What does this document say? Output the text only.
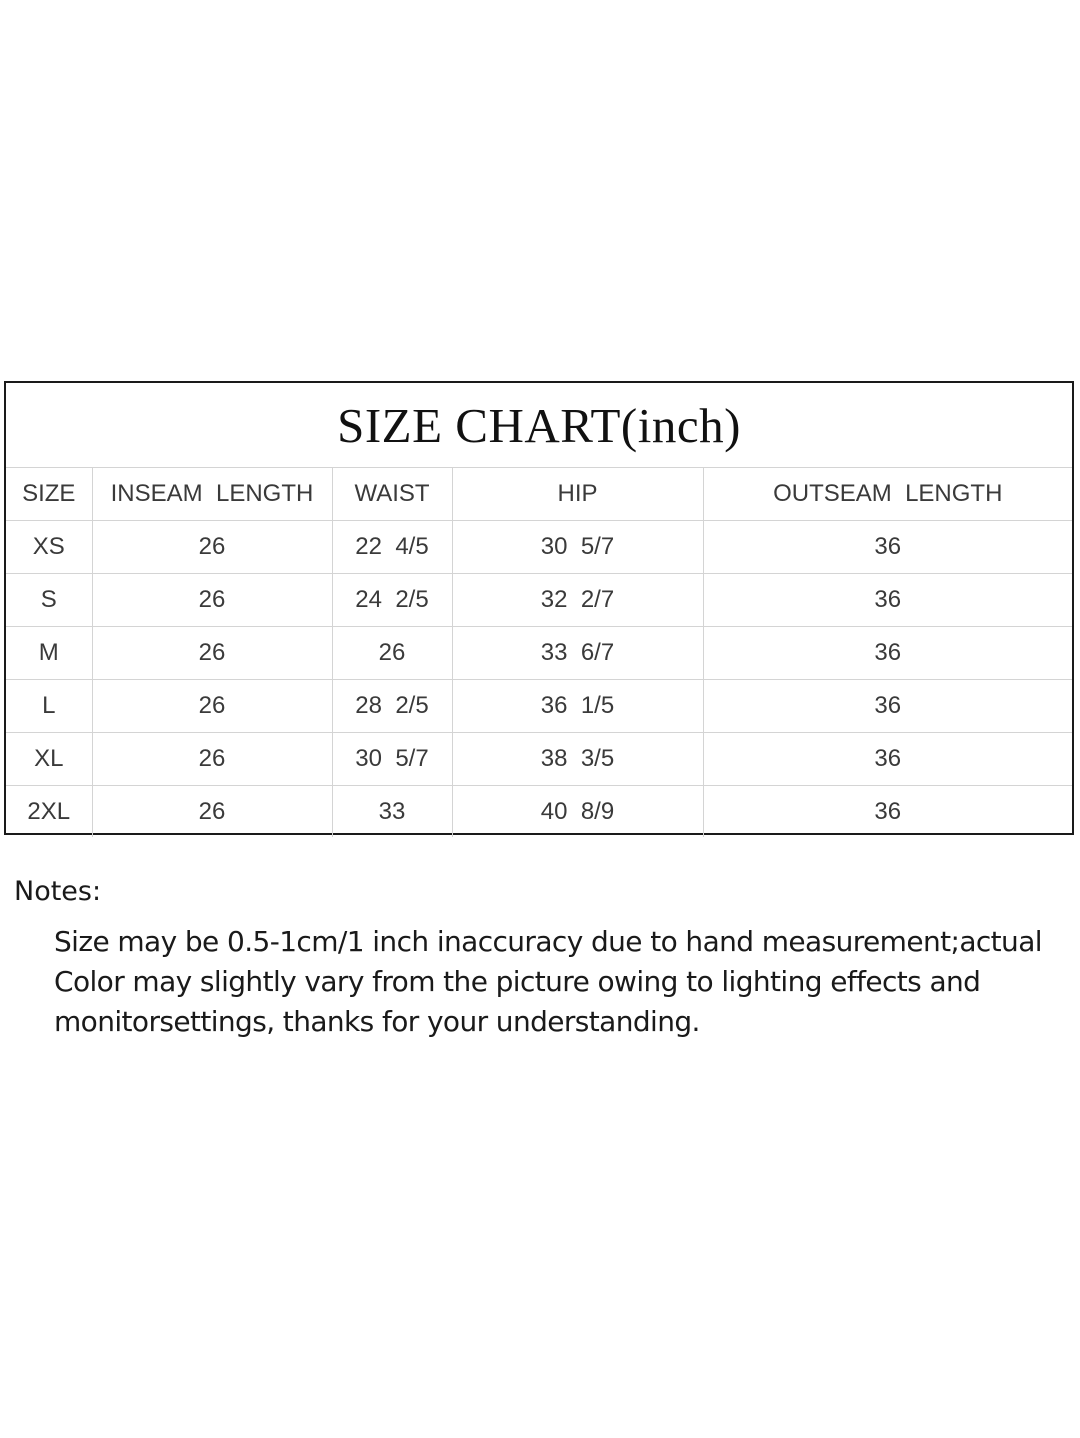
SIZE CHART(inch)
SIZE	INSEAM  LENGTH	WAIST	HIP	OUTSEAM  LENGTH
XS	26	22  4/5	30  5/7	36
S	26	24  2/5	32  2/7	36
M	26	26	33  6/7	36
L	26	28  2/5	36  1/5	36
XL	26	30  5/7	38  3/5	36
2XL	26	33	40  8/9	36
Notes:
Size may be 0.5-1cm/1 inch inaccuracy due to hand measurement;actual Color may slightly vary from the picture owing to lighting effects and monitorsettings, thanks for your understanding.
